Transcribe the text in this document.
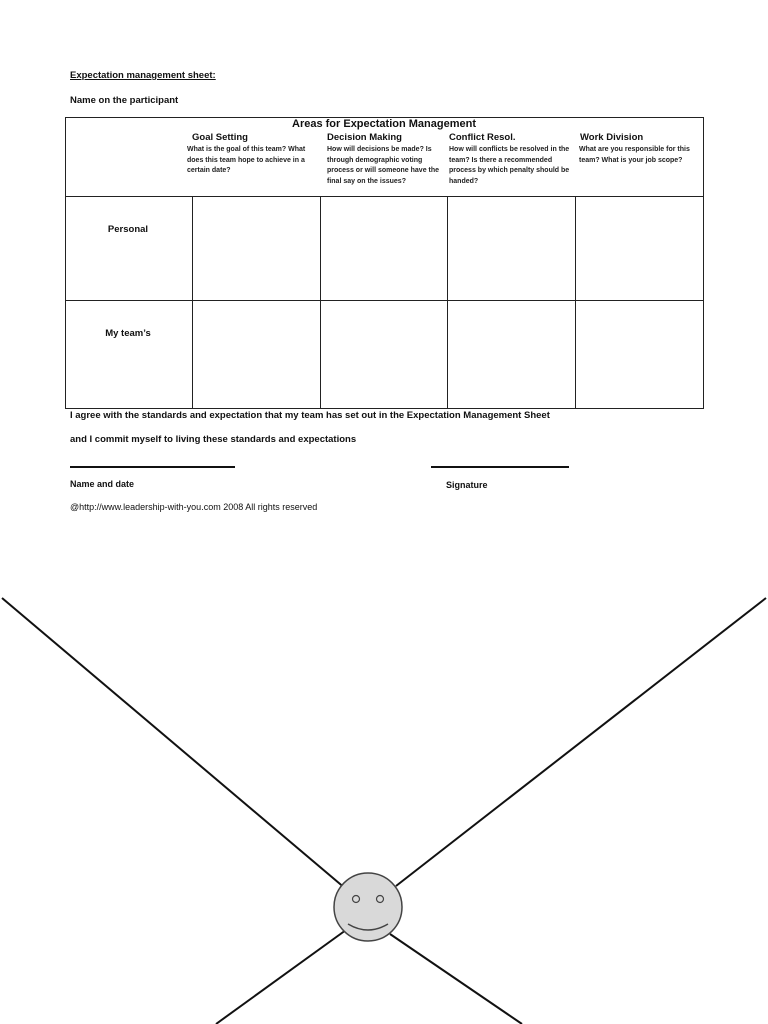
Expectation management sheet:
Name on the participant
Areas for Expectation Management
Goal Setting
What is the goal of this team? What does this team hope to achieve in a certain date?
Decision Making
How will decisions be made? Is through demographic voting process or will someone have the final say on the issues?
Conflict Resol.
How will conflicts be resolved in the team? Is there a recommended process by which penalty should be handed?
Work Division
What are you responsible for this team? What is your job scope?
Personal
My team’s
I agree with the standards and expectation that my team has set out in the Expectation Management Sheet
and I commit myself to living these standards and expectations
Name and date	Signature
@http://www.leadership-with-you.com 2008 All rights reserved
